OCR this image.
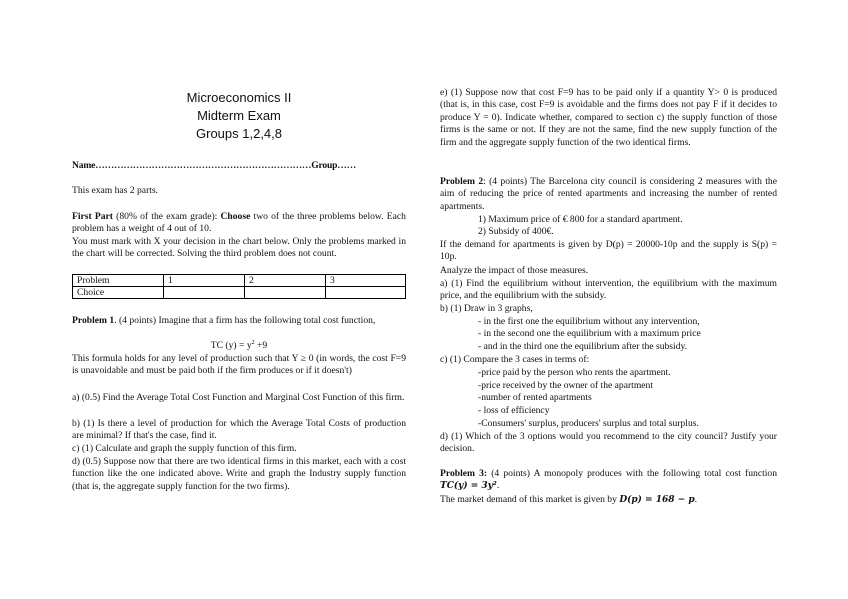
Microeconomics II
Midterm Exam
Groups 1,2,4,8

Name……………………………………………………………Group……

This exam has 2 parts.

First Part (80% of the exam grade): Choose two of the three problems below. Each problem has a weight of 4 out of 10.

You must mark with X your decision in the chart below. Only the problems marked in the chart will be corrected. Solving the third problem does not count.

Problem	1	2	3
Choice			

Problem 1. (4 points) Imagine that a firm has the following total cost function,

TC $(y) = y^2 +9$

This formula holds for any level of production such that Y ≥ 0 (in words, the cost F=9 is unavoidable and must be paid both if the firm produces or if it doesn't)

a) (0.5) Find the Average Total Cost Function and Marginal Cost Function of this firm.

b) (1) Is there a level of production for which the Average Total Costs of production are minimal? If that's the case, find it.

c) (1) Calculate and graph the supply function of this firm.

d) (0.5) Suppose now that there are two identical firms in this market, each with a cost function like the one indicated above. Write and graph the Industry supply function (that is, the aggregate supply function for the two firms).

e) (1) Suppose now that cost F=9 has to be paid only if a quantity Y> 0 is produced (that is, in this case, cost F=9 is avoidable and the firms does not pay F if it decides to produce Y = 0). Indicate whether, compared to section c) the supply function of those firms is the same or not. If they are not the same, find the new supply function of the firm and the aggregate supply function of the two identical firms.

Problem 2: (4 points) The Barcelona city council is considering 2 measures with the aim of reducing the price of rented apartments and increasing the number of rented apartments.

1) Maximum price of € 800 for a standard apartment.

2) Subsidy of 400€.

If the demand for apartments is given by D(p) = 20000-10p and the supply is S(p) = 10p.

Analyze the impact of those measures.

a) (1) Find the equilibrium without intervention, the equilibrium with the maximum price, and the equilibrium with the subsidy.

b) (1) Draw in 3 graphs,

- in the first one the equilibrium without any intervention,

- in the second one the equilibrium with a maximum price

- and in the third one the equilibrium after the subsidy.

c) (1) Compare the 3 cases in terms of:

-price paid by the person who rents the apartment.

-price received by the owner of the apartment

-number of rented apartments

- loss of efficiency

-Consumers' surplus, producers' surplus and total surplus.

d) (1) Which of the 3 options would you recommend to the city council? Justify your decision.

Problem 3: (4 points) A monopoly produces with the following total cost function TC(y) = 3y².

The market demand of this market is given by D(p) = 168 − p.
